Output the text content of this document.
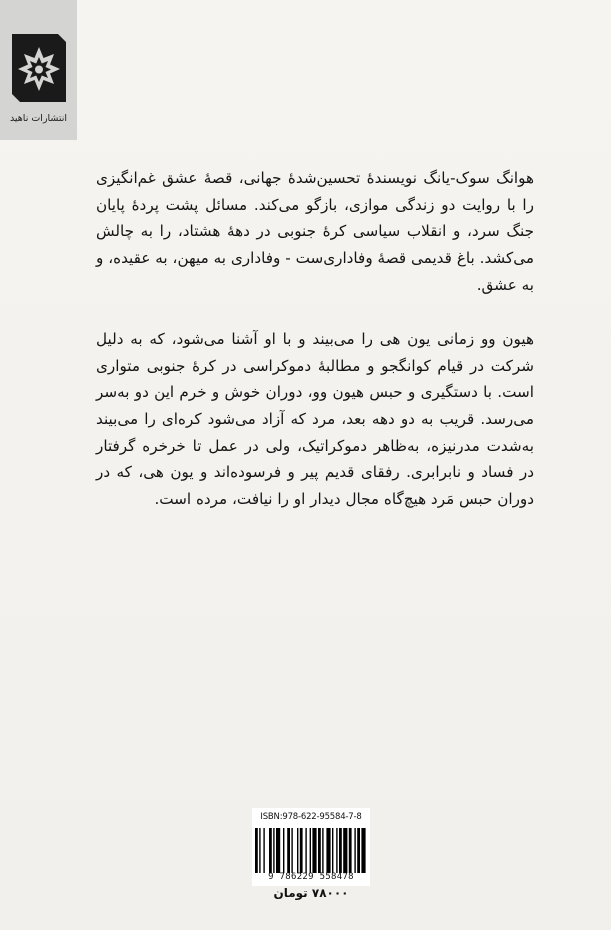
انتشارات ناهید

هوانگ سوک-یانگ نویسندهٔ تحسین‌شدهٔ جهانی، قصهٔ عشق غم‌انگیزی را با روایت دو زندگی موازی، بازگو می‌کند. مسائل پشت پردهٔ پایان جنگ سرد، و انقلاب سیاسی کرهٔ جنوبی در دههٔ هشتاد، را به چالش می‌کشد. باغ قدیمی قصهٔ وفاداری‌ست - وفاداری به میهن، به عقیده، و به عشق.

هیون وو زمانی یون هی را می‌بیند و با او آشنا می‌شود، که به دلیل شرکت در قیام کوانگجو و مطالبهٔ دموکراسی در کرهٔ جنوبی متواری است. با دستگیری و حبس هیون وو، دوران خوش و خرم این دو به‌سر می‌رسد. قریب به دو دهه بعد، مرد که آزاد می‌شود کره‌ای را می‌بیند به‌شدت مدرنیزه، به‌ظاهر دموکراتیک، ولی در عمل تا خرخره گرفتار در فساد و نابرابری. رفقای قدیم پیر و فرسوده‌اند و یون هی، که در دوران حبس مَرد هیچ‌گاه مجال دیدار او را نیافت، مرده است.

ISBN:978-622-95584-7-8
9 786229 558478
۷۸۰۰۰ تومان
